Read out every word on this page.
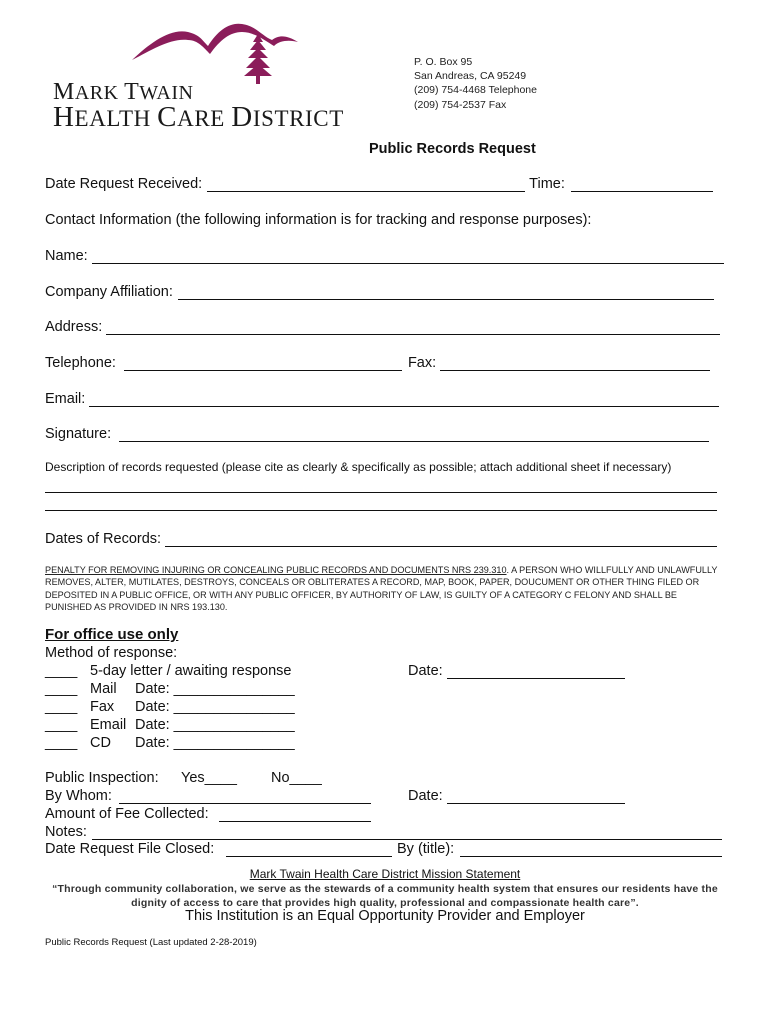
MARK TWAIN
HEALTH CARE DISTRICT
P. O. Box 95
San Andreas, CA 95249
(209) 754-4468 Telephone
(209) 754-2537 Fax
Public Records Request
Date Request Received:	Time:
Contact Information (the following information is for tracking and response purposes):
Name:
Company Affiliation:
Address:
Telephone:	Fax:
Email:
Signature:
Description of records requested (please cite as clearly & specifically as possible; attach additional sheet if necessary)
Dates of Records:
PENALTY FOR REMOVING INJURING OR CONCEALING PUBLIC RECORDS AND DOCUMENTS NRS 239.310. A PERSON WHO WILLFULLY AND UNLAWFULLY REMOVES, ALTER, MUTILATES, DESTROYS, CONCEALS OR OBLITERATES A RECORD, MAP, BOOK, PAPER, DOUCUMENT OR OTHER THING FILED OR DEPOSITED IN A PUBLIC OFFICE, OR WITH ANY PUBLIC OFFICER, BY AUTHORITY OF LAW, IS GUILTY OF A CATEGORY C FELONY AND SHALL BE PUNISHED AS PROVIDED IN NRS 193.130.
For office use only
Method of response:
____ 5-day letter / awaiting response	Date:
____ Mail Date: _______________
____ Fax Date: _______________
____ Email Date: _______________
____ CD Date: _______________
Public Inspection: Yes____ No____
By Whom:	Date:
Amount of Fee Collected:
Notes:
Date Request File Closed:	By (title):
Mark Twain Health Care District Mission Statement
“Through community collaboration, we serve as the stewards of a community health system that ensures our residents have the dignity of access to care that provides high quality, professional and compassionate health care”.
This Institution is an Equal Opportunity Provider and Employer
Public Records Request (Last updated 2-28-2019)
